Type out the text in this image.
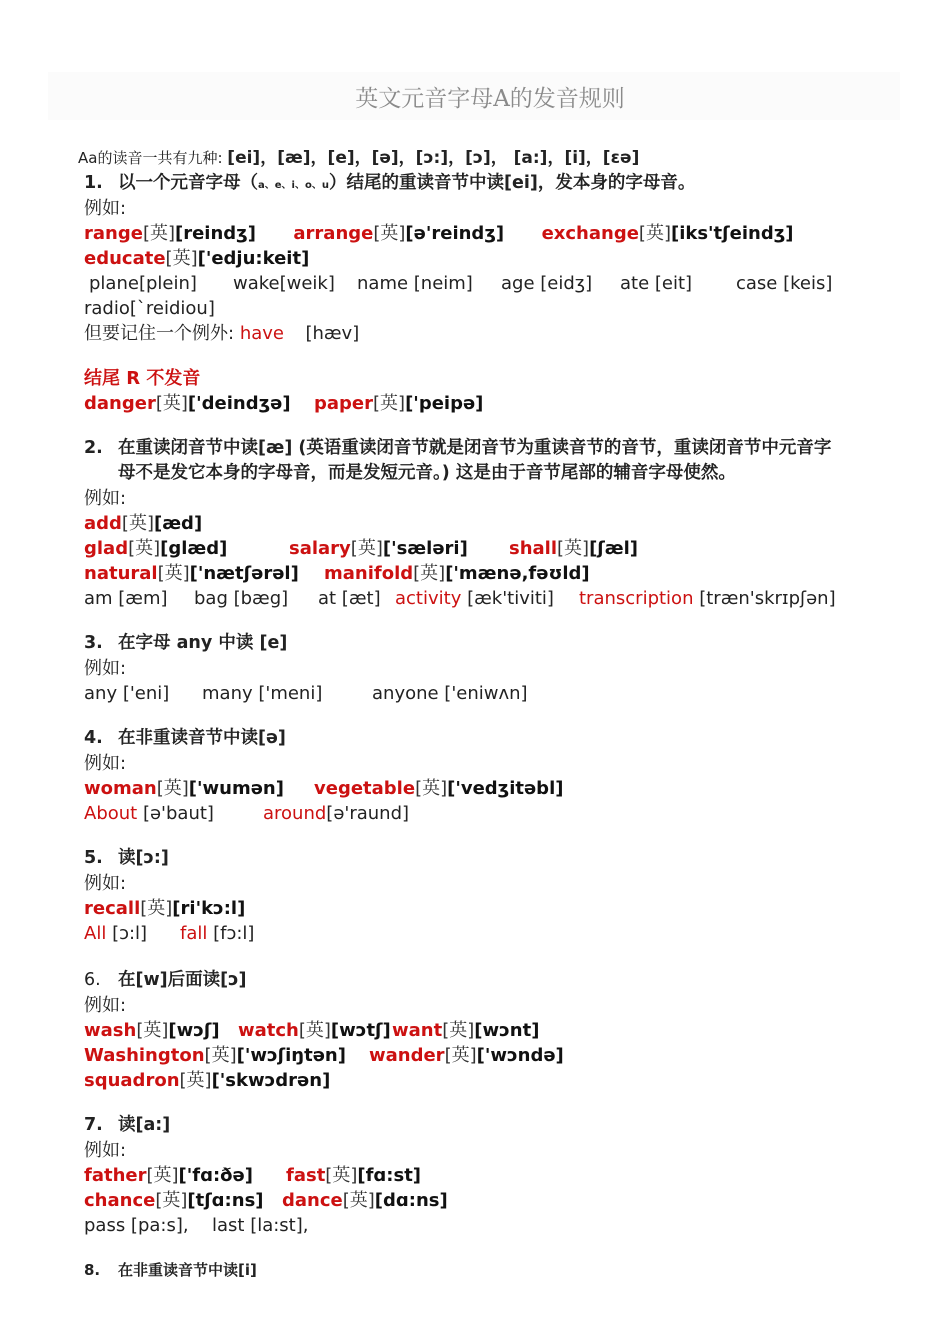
英文元音字母A的发音规则
Aa的读音一共有九种: [ei]，[æ]，[e]，[ə]，[ɔ:]，[ɔ]， [a:]，[i]，[εə]
1. 以一个元音字母（a、e、i、o、u）结尾的重读音节中读[ei]，发本身的字母音。
例如:
range[英][reindʒ] arrange[英][ə'reindʒ] exchange[英][iks'tʃeindʒ]
educate[英]['edju:keit]
plane[plein] wake[weik] name [neim] age [eidʒ] ate [eit] case [keis]
radio[`reidiou]
但要记住一个例外: have [hæv]
结尾 R 不发音
danger[英]['deindʒə] paper[英]['peipə]
2. 在重读闭音节中读[æ] (英语重读闭音节就是闭音节为重读音节的音节，重读闭音节中元音字
母不是发它本身的字母音，而是发短元音。) 这是由于音节尾部的辅音字母使然。
例如:
add[英][æd]
glad[英][glæd]	salary[英]['sæləri] shall[英][ʃæl]
natural[英]['nætʃərəl] manifold[英]['mænə,fəʊld]
am [æm] bag [bæg] at [æt] activity [æk'tiviti] transcription [træn'skrɪpʃən]
3. 在字母 any 中读 [e]
例如:
any ['eni] many ['meni]	anyone ['eniwʌn]
4. 在非重读音节中读[ə]
例如:
woman[英]['wumən] vegetable[英]['vedʒitəbl]
About [ə'baut]	around[ə'raund]
5. 读[ɔ:]
例如:
recall[英][ri'kɔ:l]
All [ɔ:l] fall [fɔ:l]
6. 在[w]后面读[ɔ]
例如:
wash[英][wɔʃ] watch[英][wɔtʃ]want[英][wɔnt]
Washington[英]['wɔʃiŋtən] wander[英]['wɔndə]
squadron[英]['skwɔdrən]
7. 读[a:]
例如:
father[英]['fɑ:ðə] fast[英][fɑ:st]
chance[英][tʃɑ:ns] dance[英][dɑ:ns]
pass [pa:s], last [la:st],
8. 在非重读音节中读[i]
